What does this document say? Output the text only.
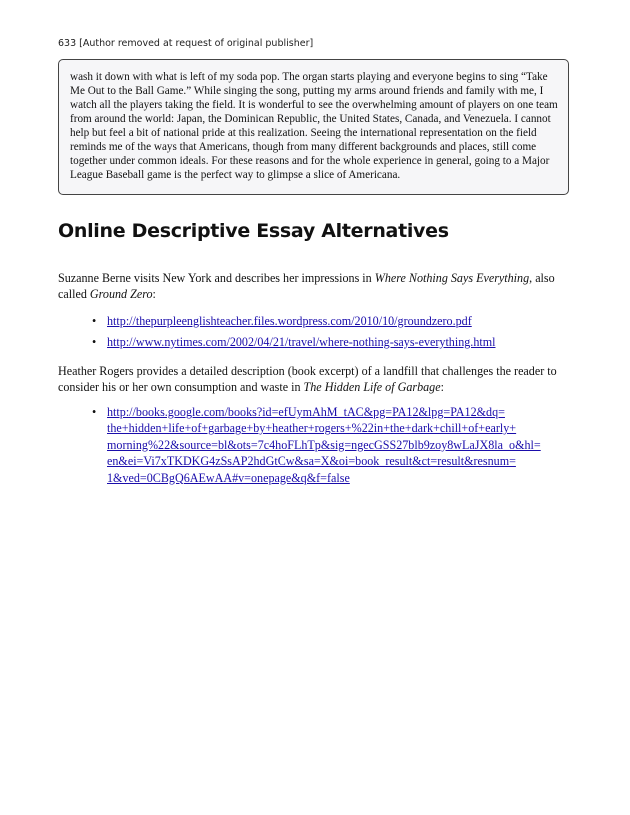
633 [Author removed at request of original publisher]
wash it down with what is left of my soda pop. The organ starts playing and everyone begins to sing “Take
Me Out to the Ball Game.” While singing the song, putting my arms around friends and family with me, I
watch all the players taking the field. It is wonderful to see the overwhelming amount of players on one team
from around the world: Japan, the Dominican Republic, the United States, Canada, and Venezuela. I cannot
help but feel a bit of national pride at this realization. Seeing the international representation on the field
reminds me of the ways that Americans, though from many different backgrounds and places, still come
together under common ideals. For these reasons and for the whole experience in general, going to a Major
League Baseball game is the perfect way to glimpse a slice of Americana.
Online Descriptive Essay Alternatives
Suzanne Berne visits New York and describes her impressions in Where Nothing Says Everything, also
called Ground Zero:
• http://thepurpleenglishteacher.files.wordpress.com/2010/10/groundzero.pdf
• http://www.nytimes.com/2002/04/21/travel/where-nothing-says-everything.html
Heather Rogers provides a detailed description (book excerpt) of a landfill that challenges the reader to
consider his or her own consumption and waste in The Hidden Life of Garbage:
• http://books.google.com/books?id=efUymAhM_tAC&pg=PA12&lpg=PA12&dq=
the+hidden+life+of+garbage+by+heather+rogers+%22in+the+dark+chill+of+early+
morning%22&source=bl&ots=7c4hoFLhTp&sig=ngecGSS27blb9zoy8wLaJX8la_o&hl=
en&ei=Vi7xTKDKG4zSsAP2hdGtCw&sa=X&oi=book_result&ct=result&resnum=
1&ved=0CBgQ6AEwAA#v=onepage&q&f=false
